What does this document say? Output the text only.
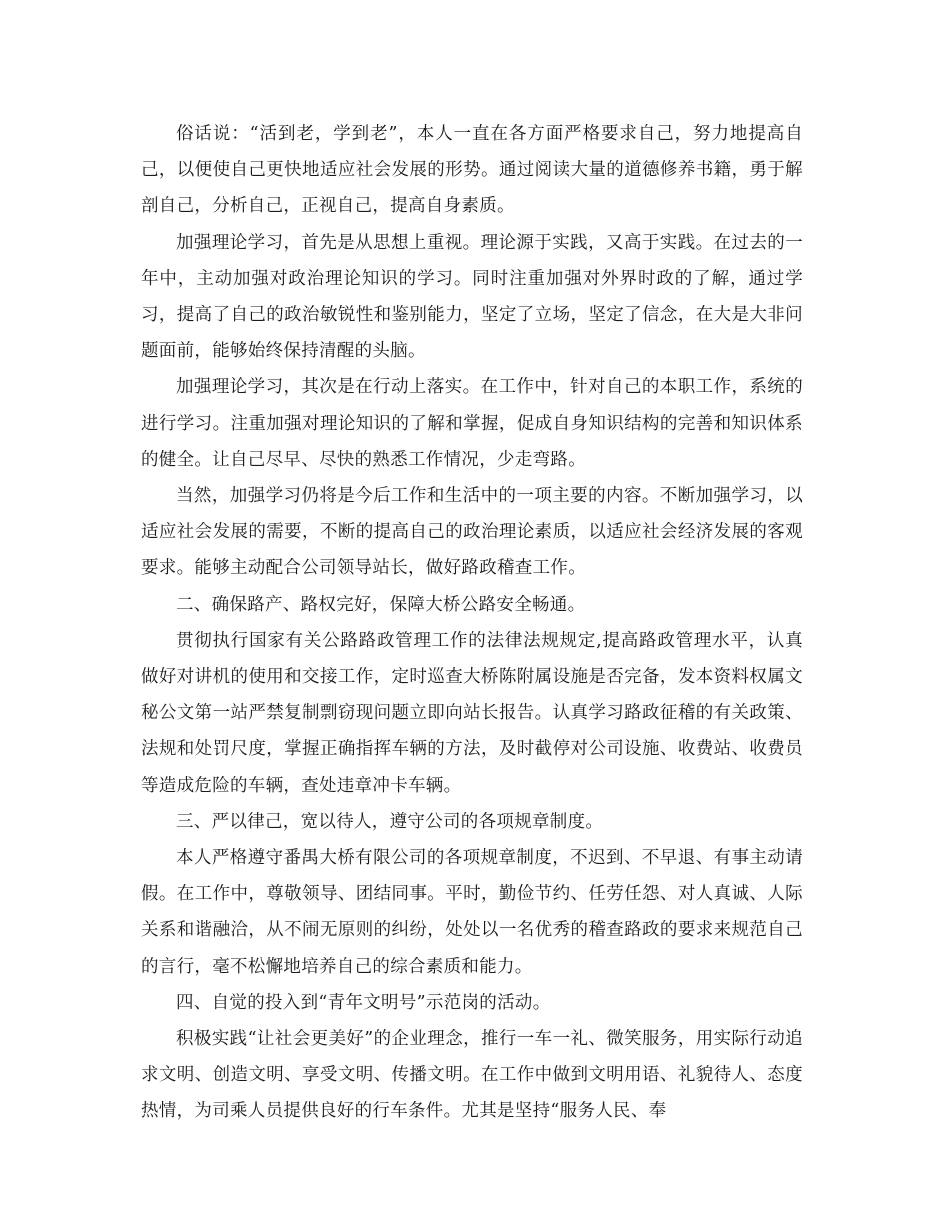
俗话说：“活到老，学到老”，本人一直在各方面严格要求自己，努力地提高自己，以便使自己更快地适应社会发展的形势。通过阅读大量的道德修养书籍，勇于解剖自己，分析自己，正视自己，提高自身素质。

加强理论学习，首先是从思想上重视。理论源于实践，又高于实践。在过去的一年中，主动加强对政治理论知识的学习。同时注重加强对外界时政的了解，通过学习，提高了自己的政治敏锐性和鉴别能力，坚定了立场，坚定了信念，在大是大非问题面前，能够始终保持清醒的头脑。

加强理论学习，其次是在行动上落实。在工作中，针对自己的本职工作，系统的进行学习。注重加强对理论知识的了解和掌握，促成自身知识结构的完善和知识体系的健全。让自己尽早、尽快的熟悉工作情况，少走弯路。

当然，加强学习仍将是今后工作和生活中的一项主要的内容。不断加强学习，以适应社会发展的需要，不断的提高自己的政治理论素质，以适应社会经济发展的客观要求。能够主动配合公司领导站长，做好路政稽查工作。

二、确保路产、路权完好，保障大桥公路安全畅通。

贯彻执行国家有关公路路政管理工作的法律法规规定,提高路政管理水平，认真做好对讲机的使用和交接工作，定时巡查大桥陈附属设施是否完备，发本资料权属文秘公文第一站严禁复制剽窃现问题立即向站长报告。认真学习路政征稽的有关政策、法规和处罚尺度，掌握正确指挥车辆的方法，及时截停对公司设施、收费站、收费员等造成危险的车辆，查处违章冲卡车辆。

三、严以律己，宽以待人，遵守公司的各项规章制度。

本人严格遵守番禺大桥有限公司的各项规章制度，不迟到、不早退、有事主动请假。在工作中，尊敬领导、团结同事。平时，勤俭节约、任劳任怨、对人真诚、人际关系和谐融洽，从不闹无原则的纠纷，处处以一名优秀的稽查路政的要求来规范自己的言行，毫不松懈地培养自己的综合素质和能力。

四、自觉的投入到“青年文明号”示范岗的活动。

积极实践“让社会更美好”的企业理念，推行一车一礼、微笑服务，用实际行动追求文明、创造文明、享受文明、传播文明。在工作中做到文明用语、礼貌待人、态度热情，为司乘人员提供良好的行车条件。尤其是坚持“服务人民、奉
